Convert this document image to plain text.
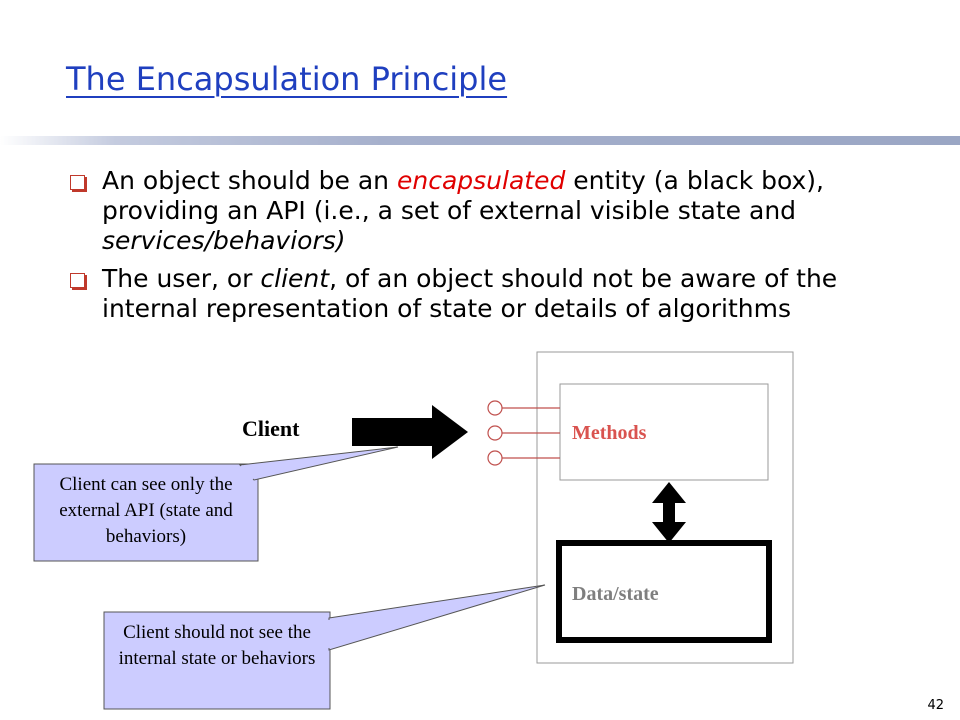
The Encapsulation Principle
An object should be an encapsulated entity (a black box), providing an API (i.e., a set of external visible state and services/behaviors)
The user, or client, of an object should not be aware of the internal representation of state or details of algorithms
Client	Methods
Data/state
Client can see only the external API (state and behaviors)
Client should not see the internal state or behaviors
42
